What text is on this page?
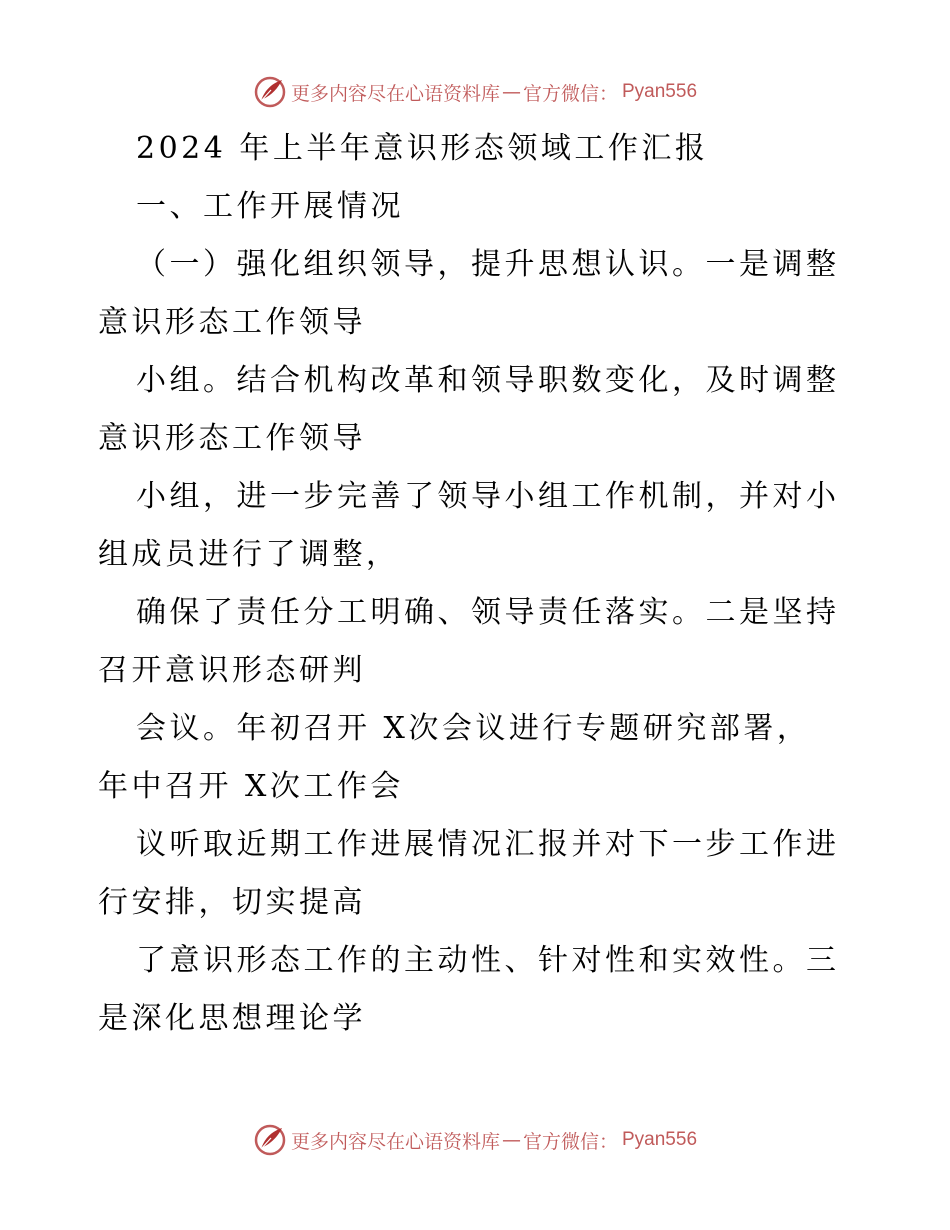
更多内容尽在心语资料库 — 官方微信： Pyan556
2024 年上半年意识形态领域工作汇报
一、工作开展情况
（一）强化组织领导，提升思想认识。一是调整
意识形态工作领导
小组。结合机构改革和领导职数变化，及时调整
意识形态工作领导
小组，进一步完善了领导小组工作机制，并对小
组成员进行了调整，
确保了责任分工明确、领导责任落实。二是坚持
召开意识形态研判
会议。年初召开 X次会议进行专题研究部署，
年中召开 X次工作会
议听取近期工作进展情况汇报并对下一步工作进
行安排，切实提高
了意识形态工作的主动性、针对性和实效性。三
是深化思想理论学
更多内容尽在心语资料库 — 官方微信： Pyan556
